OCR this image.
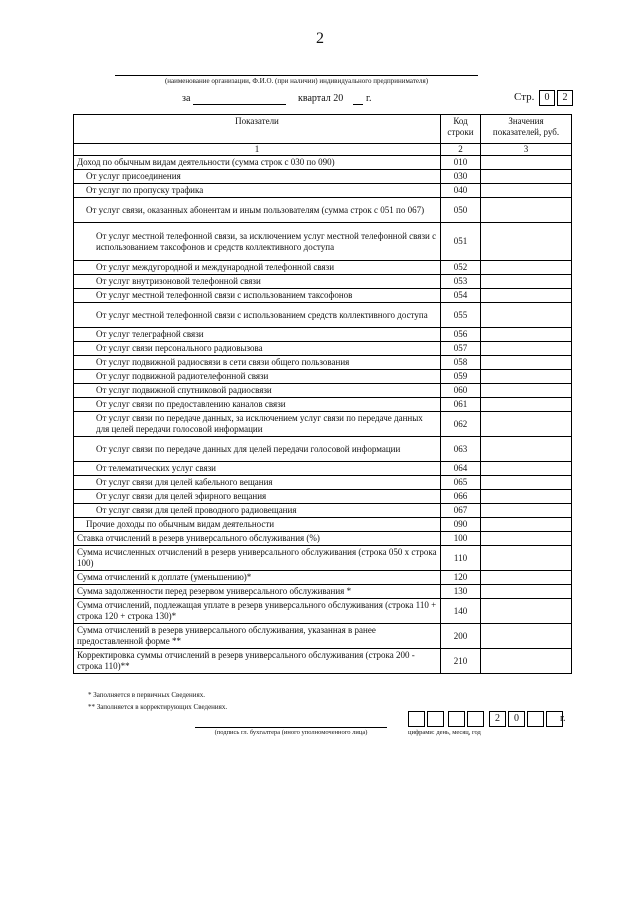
2
(наименование организации, Ф.И.О. (при наличии) индивидуального предпринимателя)
за	квартал 20 г.	Стр.	0	2
Показатели	Код строки	Значения показателей, руб.
1	2	3
Доход по обычным видам деятельности (сумма строк с 030 по 090)	010	
От услуг присоединения	030	
От услуг по пропуску трафика	040	
От услуг связи, оказанных абонентам и иным пользователям (сумма строк с 051 по 067)	050	
От услуг местной телефонной связи, за исключением услуг местной телефонной связи с использованием таксофонов и средств коллективного доступа	051	
От услуг междугородной и международной телефонной связи	052	
От услуг внутризоновой телефонной связи	053	
От услуг местной телефонной связи с использованием таксофонов	054	
От услуг местной телефонной связи с использованием средств коллективного доступа	055	
От услуг телеграфной связи	056	
От услуг связи персонального радиовызова	057	
От услуг подвижной радиосвязи в сети связи общего пользования	058	
От услуг подвижной радиотелефонной связи	059	
От услуг подвижной спутниковой радиосвязи	060	
От услуг связи по предоставлению каналов связи	061	
От услуг связи по передаче данных, за исключением услуг связи по передаче данных для целей передачи голосовой информации	062	
От услуг связи по передаче данных для целей передачи голосовой информации	063	
От телематических услуг связи	064	
От услуг связи для целей кабельного вещания	065	
От услуг связи для целей эфирного вещания	066	
От услуг связи для целей проводного радиовещания	067	
Прочие доходы по обычным видам деятельности	090	
Ставка отчислений в резерв универсального обслуживания (%)	100	
Сумма исчисленных отчислений в резерв универсального обслуживания (строка 050 х строка 100)	110	
Сумма отчислений к доплате (уменьшению)*	120	
Сумма задолженности перед резервом универсального обслуживания *	130	
Сумма отчислений, подлежащая уплате в резерв универсального обслуживания (строка 110 + строка 120 + строка 130)*	140	
Сумма отчислений в резерв универсального обслуживания, указанная в ранее предоставленной форме **	200	
Корректировка суммы отчислений в резерв универсального обслуживания (строка 200 - строка 110)**	210	
* Заполняется в первичных Сведениях.
** Заполняется в корректирующих Сведениях.
(подпись гл. бухгалтера (иного уполномоченного лица)
2	0	г.
цифрами: день, месяц, год
